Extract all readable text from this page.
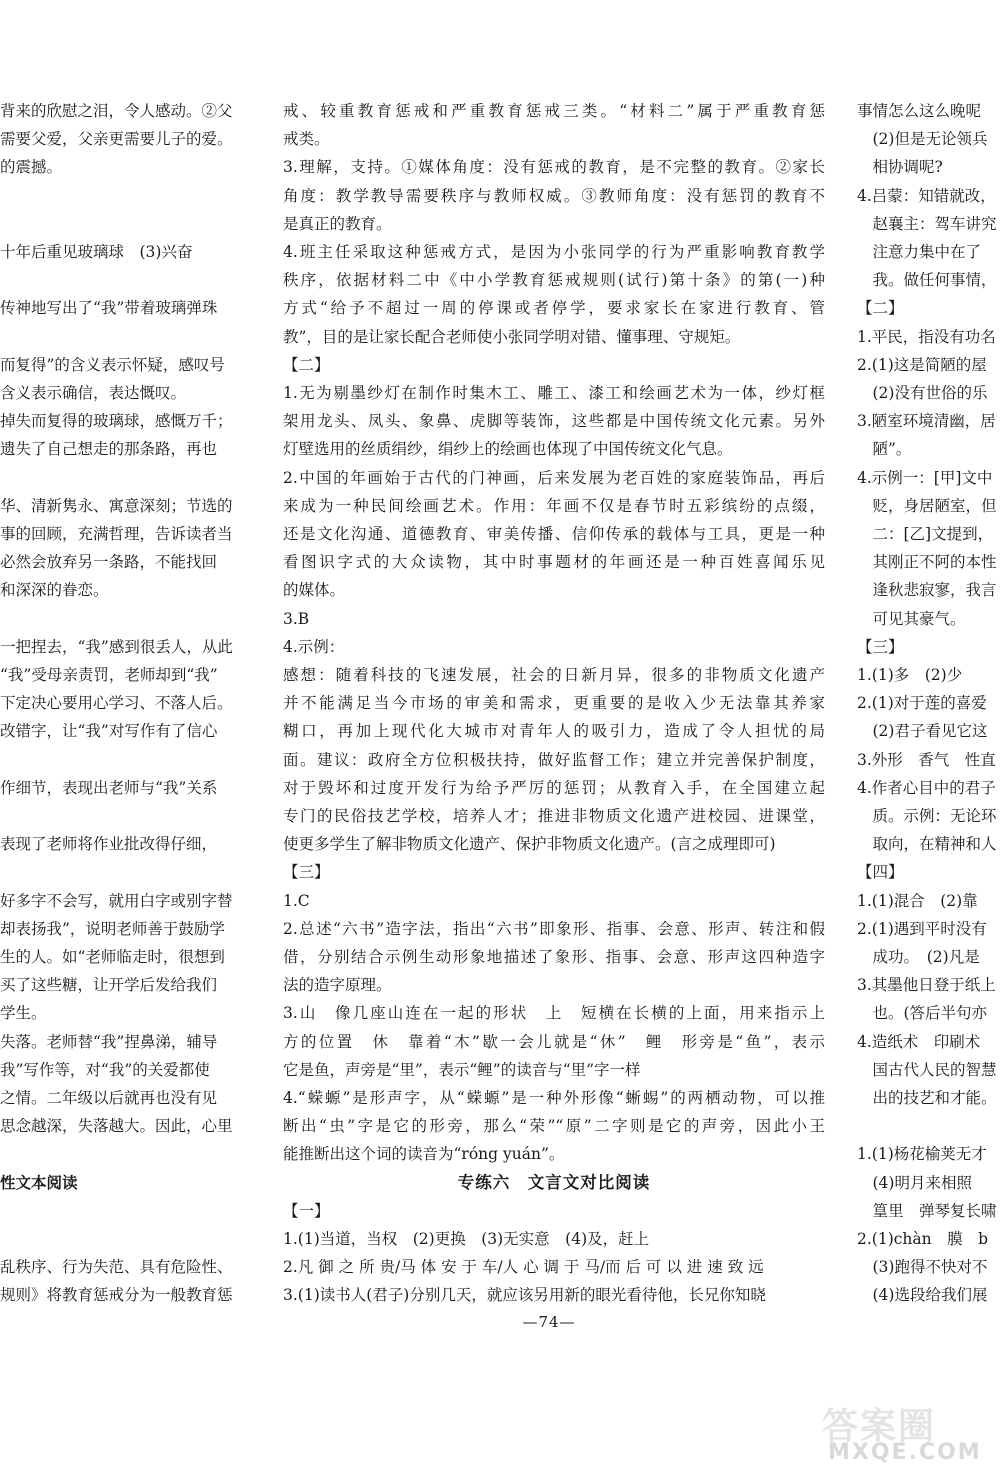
背来的欣慰之泪，令人感动。②父
需要父爱，父亲更需要儿子的爱。
的震撼。
十年后重见玻璃球　(3)兴奋
传神地写出了“我”带着玻璃弹珠
而复得”的含义表示怀疑，感叹号
含义表示确信，表达慨叹。
掉失而复得的玻璃球，感慨万千；
遗失了自己想走的那条路，再也
华、清新隽永、寓意深刻；节选的
事的回顾，充满哲理，告诉读者当
必然会放弃另一条路，不能找回
和深深的眷恋。
一把捏去，“我”感到很丢人，从此
“我”受母亲责罚，老师却到“我”
下定决心要用心学习、不落人后。
改错字，让“我”对写作有了信心
作细节，表现出老师与“我”关系
表现了老师将作业批改得仔细，
好多字不会写，就用白字或别字替
却表扬我”，说明老师善于鼓励学
生的人。如“老师临走时，很想到
买了这些糖，让开学后发给我们
学生。
失落。老师替“我”捏鼻涕，辅导
我”写作等，对“我”的关爱都使
之情。二年级以后就再也没有见
思念越深，失落越大。因此，心里
性文本阅读
乱秩序、行为失范、具有危险性、
规则》将教育惩戒分为一般教育惩
戒、较重教育惩戒和严重教育惩戒三类。“材料二”属于严重教育惩
戒类。
3.理解，支持。①媒体角度：没有惩戒的教育，是不完整的教育。②家长
角度：教学教导需要秩序与教师权威。③教师角度：没有惩罚的教育不
是真正的教育。
4.班主任采取这种惩戒方式，是因为小张同学的行为严重影响教育教学
秩序，依据材料二中《中小学教育惩戒规则(试行)第十条》的第(一)种
方式“给予不超过一周的停课或者停学，要求家长在家进行教育、管
教”，目的是让家长配合老师使小张同学明对错、懂事理、守规矩。
【二】
1.无为剔墨纱灯在制作时集木工、雕工、漆工和绘画艺术为一体，纱灯框
架用龙头、凤头、象鼻、虎脚等装饰，这些都是中国传统文化元素。另外
灯壁选用的丝质绢纱，绢纱上的绘画也体现了中国传统文化气息。
2.中国的年画始于古代的门神画，后来发展为老百姓的家庭装饰品，再后
来成为一种民间绘画艺术。作用：年画不仅是春节时五彩缤纷的点缀，
还是文化沟通、道德教育、审美传播、信仰传承的载体与工具，更是一种
看图识字式的大众读物，其中时事题材的年画还是一种百姓喜闻乐见
的媒体。
3.B
4.示例：
感想：随着科技的飞速发展，社会的日新月异，很多的非物质文化遗产
并不能满足当今市场的审美和需求，更重要的是收入少无法靠其养家
糊口，再加上现代化大城市对青年人的吸引力，造成了令人担忧的局
面。建议：政府全方位积极扶持，做好监督工作；建立并完善保护制度，
对于毁坏和过度开发行为给予严厉的惩罚；从教育入手，在全国建立起
专门的民俗技艺学校，培养人才；推进非物质文化遗产进校园、进课堂，
使更多学生了解非物质文化遗产、保护非物质文化遗产。(言之成理即可)
【三】
1.C
2.总述“六书”造字法，指出“六书”即象形、指事、会意、形声、转注和假
借，分别结合示例生动形象地描述了象形、指事、会意、形声这四种造字
法的造字原理。
3.山　像几座山连在一起的形状　上　短横在长横的上面，用来指示上
方的位置　休　靠着“木”歇一会儿就是“休”　鲤　形旁是“鱼”，表示
它是鱼，声旁是“里”，表示“鲤”的读音与“里”字一样
4.“蝾螈”是形声字，从“蝾螈”是一种外形像“蜥蜴”的两栖动物，可以推
断出“虫”字是它的形旁，那么“荣”“原”二字则是它的声旁，因此小王
能推断出这个词的读音为“róng yuán”。
专练六　文言文对比阅读
【一】
1.(1)当道，当权　(2)更换　(3)无实意　(4)及，赶上
2.凡 御 之 所 贵/马 体 安 于 车/人 心 调 于 马/而 后 可 以 进 速 致 远
3.(1)读书人(君子)分别几天，就应该另用新的眼光看待他，长兄你知晓
事情怎么这么晚呢
　(2)但是无论领兵
　相协调呢?
4.吕蒙：知错就改，
　赵襄主：驾车讲究
　注意力集中在了
　我。做任何事情，
【二】
1.平民，指没有功名
2.(1)这是简陋的屋
　(2)没有世俗的乐
3.陋室环境清幽，居
　陋”。
4.示例一：[甲]文中
　贬，身居陋室，但
　二：[乙]文提到，
　其刚正不阿的本性
　逢秋悲寂寥，我言
　可见其豪气。
【三】
1.(1)多　(2)少
2.(1)对于莲的喜爱
　(2)君子看见它这
3.外形　香气　性直
4.作者心目中的君子
　质。示例：无论环
　取向，在精神和人
【四】
1.(1)混合　(2)靠
2.(1)遇到平时没有
　成功。　(2)凡是
3.其墨他日登于纸上
　也。(答后半句亦
4.造纸术　印刷术
　国古代人民的智慧
　出的技艺和才能。
1.(1)杨花榆荚无才
　(4)明月来相照
　篁里　弹琴复长啸
2.(1)chàn　膜　b
　(3)跑得不快对不
　(4)选段给我们展
—74—
答案圈
MXQE.COM
